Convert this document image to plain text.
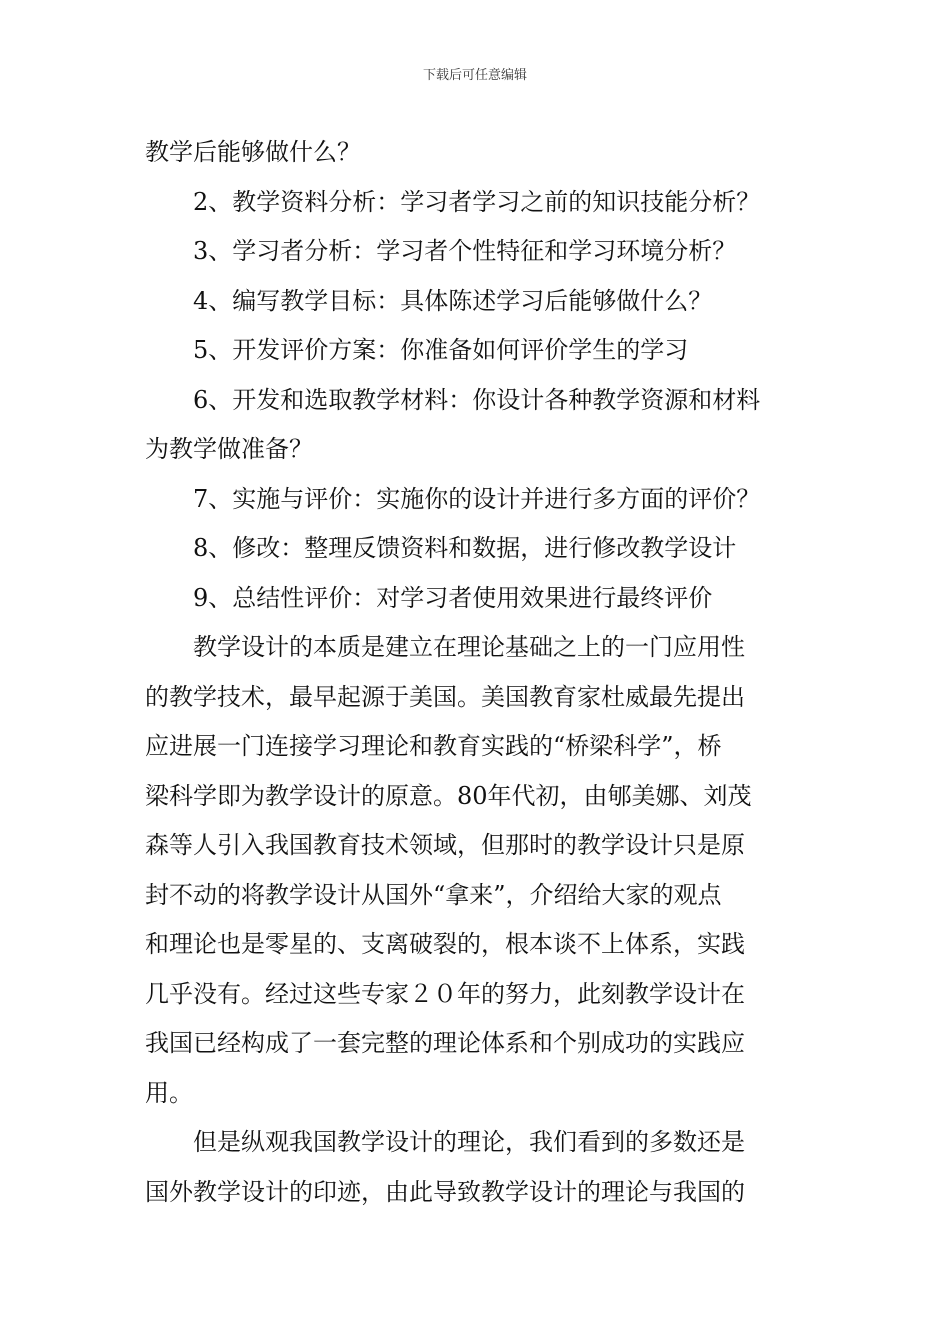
下载后可任意编辑
教学后能够做什么？
2、教学资料分析：学习者学习之前的知识技能分析？
3、学习者分析：学习者个性特征和学习环境分析？
4、编写教学目标：具体陈述学习后能够做什么？
5、开发评价方案：你准备如何评价学生的学习
6、开发和选取教学材料：你设计各种教学资源和材料
为教学做准备？
7、实施与评价：实施你的设计并进行多方面的评价？
8、修改：整理反馈资料和数据，进行修改教学设计
9、总结性评价：对学习者使用效果进行最终评价
教学设计的本质是建立在理论基础之上的一门应用性
的教学技术，最早起源于美国。美国教育家杜威最先提出
应进展一门连接学习理论和教育实践的“桥梁科学”，桥
梁科学即为教学设计的原意。80年代初，由郇美娜、刘茂
森等人引入我国教育技术领域，但那时的教学设计只是原
封不动的将教学设计从国外“拿来”，介绍给大家的观点
和理论也是零星的、支离破裂的，根本谈不上体系，实践
几乎没有。经过这些专家２０年的努力，此刻教学设计在
我国已经构成了一套完整的理论体系和个别成功的实践应
用。
但是纵观我国教学设计的理论，我们看到的多数还是
国外教学设计的印迹，由此导致教学设计的理论与我国的
